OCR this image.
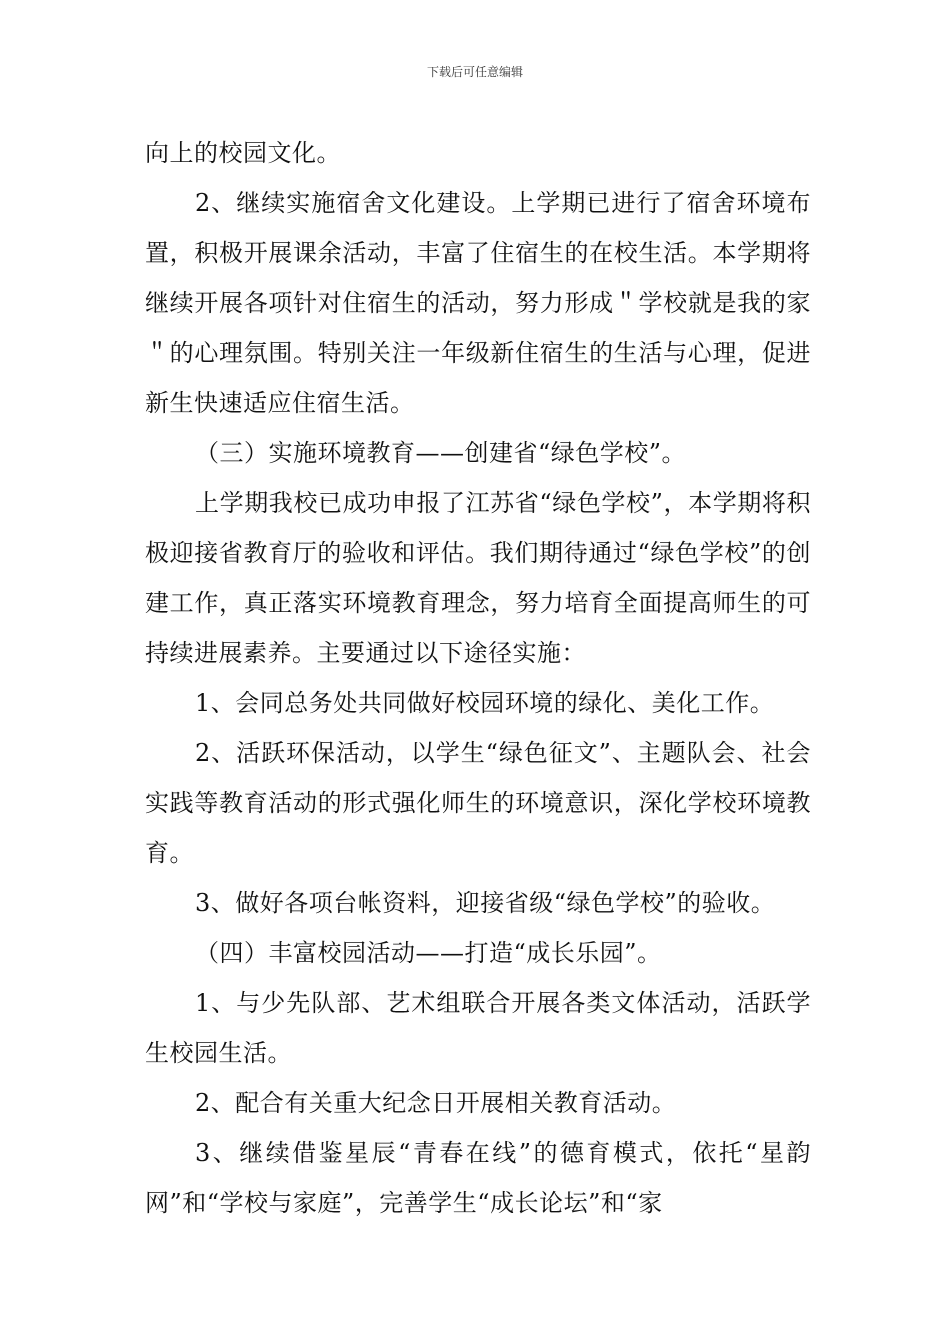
下载后可任意编辑

向上的校园文化。

2、继续实施宿舍文化建设。上学期已进行了宿舍环境布置，积极开展课余活动，丰富了住宿生的在校生活。本学期将继续开展各项针对住宿生的活动，努力形成＂学校就是我的家＂的心理氛围。特别关注一年级新住宿生的生活与心理，促进新生快速适应住宿生活。

（三）实施环境教育——创建省“绿色学校”。

上学期我校已成功申报了江苏省“绿色学校”，本学期将积极迎接省教育厅的验收和评估。我们期待通过“绿色学校”的创建工作，真正落实环境教育理念，努力培育全面提高师生的可持续进展素养。主要通过以下途径实施：

1、会同总务处共同做好校园环境的绿化、美化工作。

2、活跃环保活动，以学生“绿色征文”、主题队会、社会实践等教育活动的形式强化师生的环境意识，深化学校环境教育。

3、做好各项台帐资料，迎接省级“绿色学校”的验收。

（四）丰富校园活动——打造“成长乐园”。

1、与少先队部、艺术组联合开展各类文体活动，活跃学生校园生活。

2、配合有关重大纪念日开展相关教育活动。

3、继续借鉴星辰“青春在线”的德育模式，依托“星韵网”和“学校与家庭”，完善学生“成长论坛”和“家
